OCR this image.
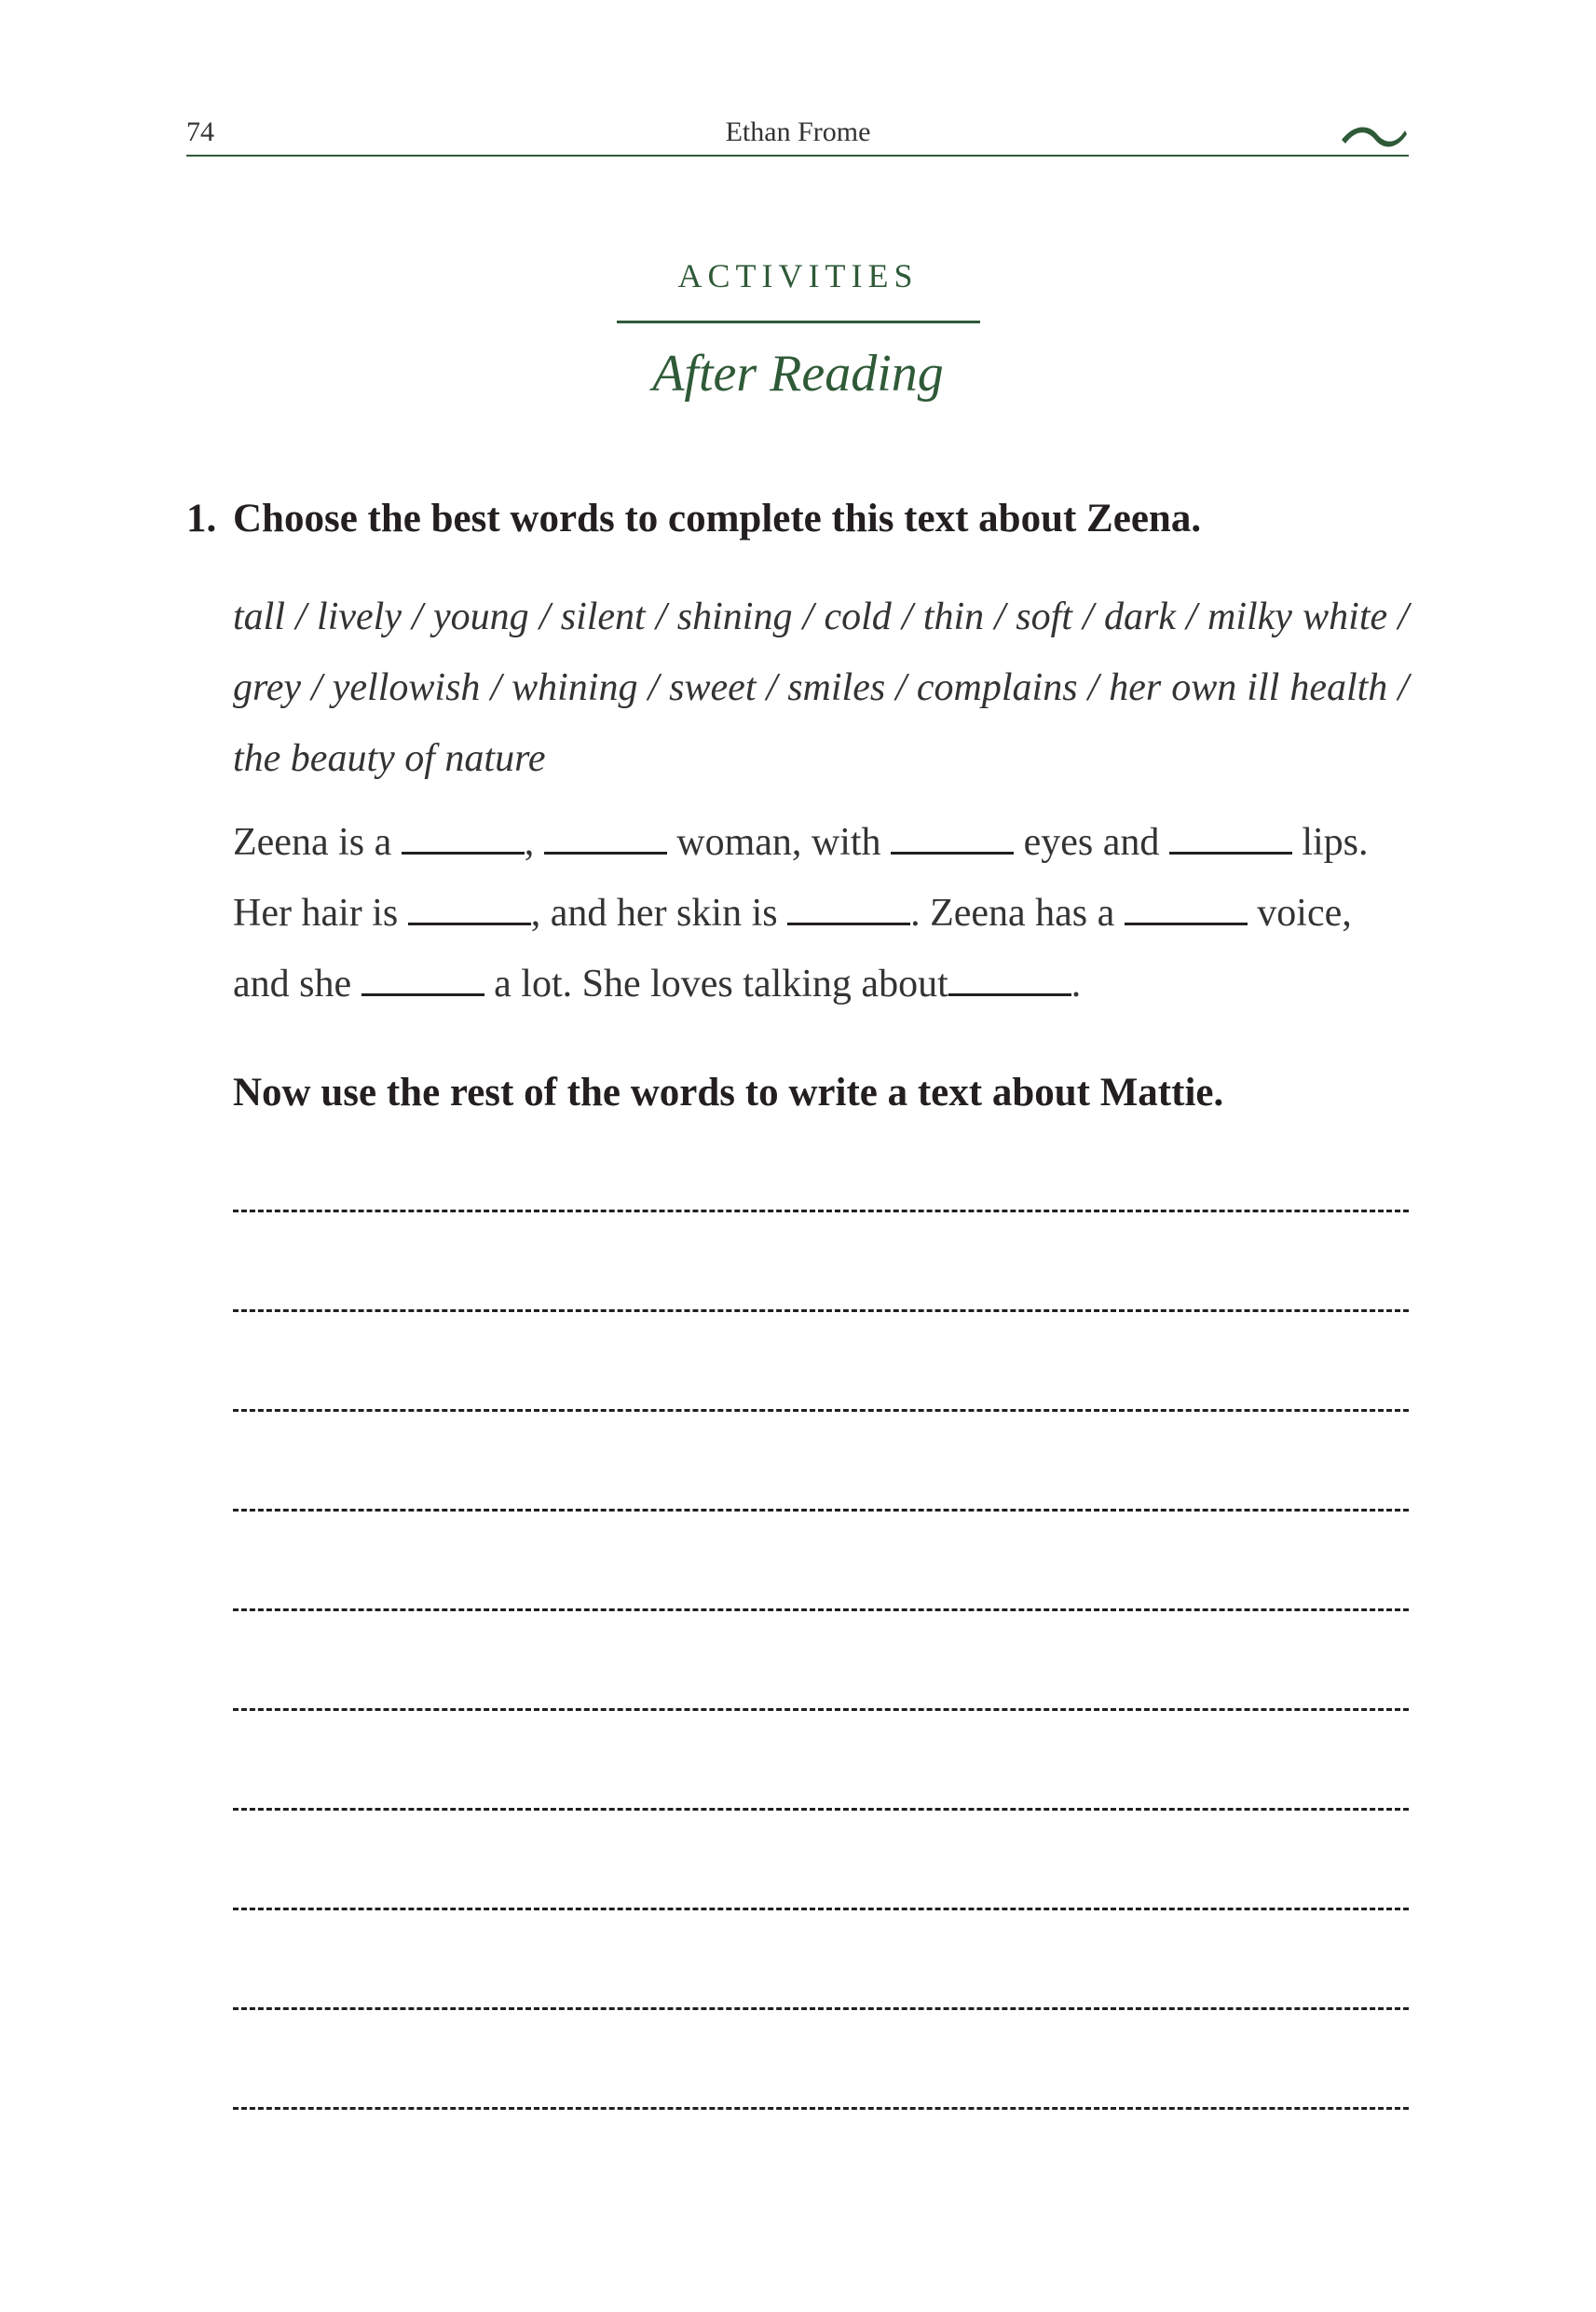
74	Ethan Frome
ACTIVITIES
After Reading
1. Choose the best words to complete this text about Zeena.
tall / lively / young / silent / shining / cold / thin / soft / dark / milky white / grey / yellowish / whining / sweet / smiles / complains / her own ill health / the beauty of nature
Zeena is a	,	woman, with	eyes and	lips. Her hair is	, and her skin is	. Zeena has a	voice, and she	a lot. She loves talking about	.
Now use the rest of the words to write a text about Mattie.
